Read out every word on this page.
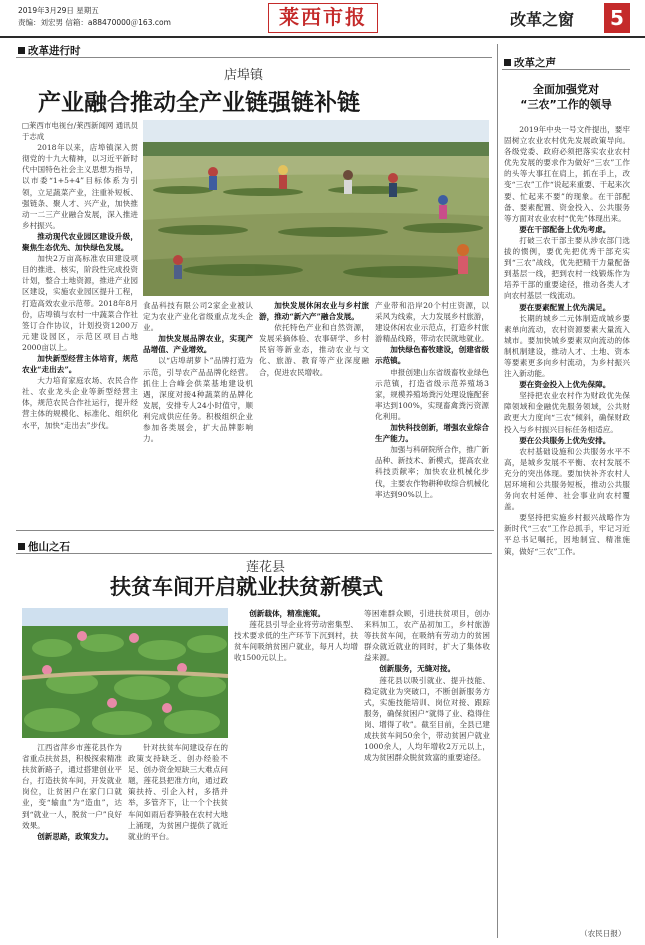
2019年3月29日 星期五
责编：刘宏男 信箱：a88470000＠163.com	莱西市报	改革之窗	5
改革进行时
店埠镇
产业融合推动全产业链强链补链

□莱西市电视台/莱西新闻网 通讯员 于志成

2018年以来，店埠镇深入贯彻党的十九大精神，以习近平新时代中国特色社会主义思想为指导，以市委“1+5+4”目标体系为引领，立足蔬菜产业，注重补短板、强链条、聚人才、兴产业，加快推动一二三产业融合发展，深入推进乡村振兴。

推动现代农业园区建设升级，聚焦生态优先、加快绿色发展。

加快2万亩高标准农田建设项目的推进、核实，阶段性完成投资计划，整合土地资源，推进产业园区建设，实施农业园区提升工程，打造高效农业示范带。2018年8月份，店埠镇与农村一中蔬菜合作社签订合作协议，计划投资1200万元建设园区，示范区项目占地2000亩以上。

加快新型经营主体培育，规范农业“走出去”。

大力培育家庭农场、农民合作社、农业龙头企业等新型经营主体，规范农民合作社运行，提升经营主体的规模化、标准化、组织化水平，加快“走出去”步伐。

食品科技有限公司2家企业被认定为农业产业化省级重点龙头企业。

加快发展品牌农业，实现产品增值、产业增效。

以“店埠胡萝卜”品牌打造为示范，引导农产品品牌化经营。抓住上合峰会供菜基地建设机遇，深度对接4种蔬菜的品牌化发展，安排专人24小时值守，顺利完成供应任务。积极组织企业参加各类展会，扩大品牌影响力。

加快发展休闲农业与乡村旅游，推动“新六产”融合发展。

依托特色产业和自然资源，发展采摘体验、农事研学、乡村民宿等新业态，推动农业与文化、旅游、教育等产业深度融合，促进农民增收。

产业带和沿岸20个村庄资源，以采风为线索，大力发展乡村旅游，建设休闲农业示范点，打造乡村旅游精品线路，带动农民就地就业。

加快绿色畜牧建设，创建省级示范镇。

申报创建山东省级畜牧业绿色示范镇，打造省级示范养殖场3家，规模养殖场粪污处理设施配套率达到100%，实现畜禽粪污资源化利用。

加快科技创新，增强农业综合生产能力。

加强与科研院所合作，推广新品种、新技术、新模式，提高农业科技贡献率；加快农业机械化步伐，主要农作物耕种收综合机械化率达到90%以上。

他山之石
莲花县
扶贫车间开启就业扶贫新模式

江西省萍乡市莲花县作为省重点扶贫县，积极探索精准扶贫新路子，通过搭建创业平台，打造扶贫车间，开发就业岗位，让贫困户在家门口就业，变“输血”为“造血”，达到“就业一人，脱贫一户”良好效果。

创新思路，政策发力。

针对扶贫车间建设存在的政策支持缺乏、创办经验不足、创办资金短缺三大难点问题，莲花县把准方向，通过政策扶持、引企入村，多措并举，多管齐下，让一个个扶贫车间如雨后春笋般在农村大地上涌现，为贫困户提供了就近就业的平台。

创新载体，精准施策。

莲花县引导企业将劳动密集型、技术要求低的生产环节下沉到村，扶贫车间吸纳贫困户就业，每月人均增收1500元以上。

等困难群众顾，引进扶贫项目，创办来料加工，农产品初加工，乡村旅游等扶贫车间，在吸纳有劳动力的贫困群众就近就业的同时，扩大了集体收益来源。

创新服务，无缝对接。

莲花县以吸引就业、提升技能、稳定就业为突破口，不断创新服务方式，实施技能培训、岗位对接、跟踪服务，确保贫困户“就得了业、稳得住岗、增得了收”。截至目前，全县已建成扶贫车间50余个，带动贫困户就业1000余人，人均年增收2万元以上，成为贫困群众脱贫致富的重要途径。

改革之声
全面加强党对
“三农”工作的领导

2019年中央一号文件提出，要牢固树立农业农村优先发展政策导向。各级党委、政府必须把落实农业农村优先发展的要求作为做好“三农”工作的头等大事扛在肩上，抓在手上，改变“三农”工作“说起来重要、干起来次要、忙起来不要”的现象。在干部配备、要素配置、资金投入、公共服务等方面对农业农村“优先”体现出来。

要在干部配备上优先考虑。

打破三农干部主要从涉农部门选拔的惯例，要优先把优秀干部充实到“三农”战线，优先把精干力量配备到基层一线，把到农村一线锻炼作为培养干部的重要途径，推动各类人才向农村基层一线流动。

要在要素配置上优先满足。

长期的城乡二元体制造成城乡要素单向流动，农村资源要素大量流入城市。要加快城乡要素双向流动的体制机制建设，推动人才、土地、资本等要素更多向乡村流动，为乡村振兴注入新动能。

要在资金投入上优先保障。

坚持把农业农村作为财政优先保障领域和金融优先服务领域，公共财政更大力度向“三农”倾斜，确保财政投入与乡村振兴目标任务相适应。

要在公共服务上优先安排。

农村基础设施和公共服务水平不高，是城乡发展不平衡、农村发展不充分的突出体现。要加快补齐农村人居环境和公共服务短板，推动公共服务向农村延伸、社会事业向农村覆盖。

要坚持把实施乡村振兴战略作为新时代“三农”工作总抓手，牢记习近平总书记嘱托，因地制宜、精准施策，做好“三农”工作。

（农民日报）
